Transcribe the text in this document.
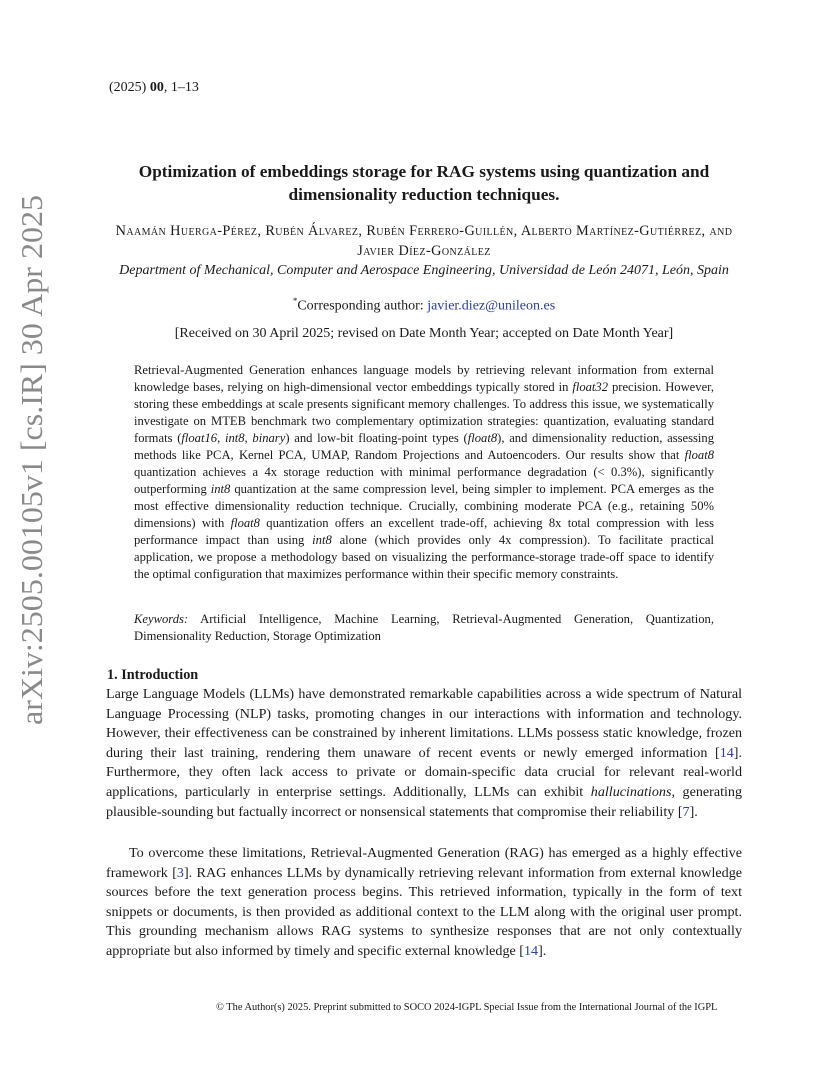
arXiv:2505.00105v1 [cs.IR] 30 Apr 2025
(2025) 00, 1–13
Optimization of embeddings storage for RAG systems using quantization and dimensionality reduction techniques.
Naamán Huerga-Pérez, Rubén Álvarez, Rubén Ferrero-Guillén, Alberto Martínez-Gutiérrez, and Javier Díez-González
Department of Mechanical, Computer and Aerospace Engineering, Universidad de León 24071, León, Spain
*Corresponding author: javier.diez@unileon.es
[Received on 30 April 2025; revised on Date Month Year; accepted on Date Month Year]

Retrieval-Augmented Generation enhances language models by retrieving relevant information from external knowledge bases, relying on high-dimensional vector embeddings typically stored in float32 precision. However, storing these embeddings at scale presents significant memory challenges. To address this issue, we systematically investigate on MTEB benchmark two complementary optimization strategies: quantization, evaluating standard formats (float16, int8, binary) and low-bit floating-point types (float8), and dimensionality reduction, assessing methods like PCA, Kernel PCA, UMAP, Random Projections and Autoencoders. Our results show that float8 quantization achieves a 4x storage reduction with minimal performance degradation (< 0.3%), significantly outperforming int8 quantization at the same compression level, being simpler to implement. PCA emerges as the most effective dimensionality reduction technique. Crucially, combining moderate PCA (e.g., retaining 50% dimensions) with float8 quantization offers an excellent trade-off, achieving 8x total compression with less performance impact than using int8 alone (which provides only 4x compression). To facilitate practical application, we propose a methodology based on visualizing the performance-storage trade-off space to identify the optimal configuration that maximizes performance within their specific memory constraints.

Keywords: Artificial Intelligence, Machine Learning, Retrieval-Augmented Generation, Quantization, Dimensionality Reduction, Storage Optimization

1. Introduction

Large Language Models (LLMs) have demonstrated remarkable capabilities across a wide spectrum of Natural Language Processing (NLP) tasks, promoting changes in our interactions with information and technology. However, their effectiveness can be constrained by inherent limitations. LLMs possess static knowledge, frozen during their last training, rendering them unaware of recent events or newly emerged information [14]. Furthermore, they often lack access to private or domain-specific data crucial for relevant real-world applications, particularly in enterprise settings. Additionally, LLMs can exhibit hallucinations, generating plausible-sounding but factually incorrect or nonsensical statements that compromise their reliability [7].

To overcome these limitations, Retrieval-Augmented Generation (RAG) has emerged as a highly effective framework [3]. RAG enhances LLMs by dynamically retrieving relevant information from external knowledge sources before the text generation process begins. This retrieved information, typically in the form of text snippets or documents, is then provided as additional context to the LLM along with the original user prompt. This grounding mechanism allows RAG systems to synthesize responses that are not only contextually appropriate but also informed by timely and specific external knowledge [14].

© The Author(s) 2025. Preprint submitted to SOCO 2024-IGPL Special Issue from the International Journal of the IGPL
